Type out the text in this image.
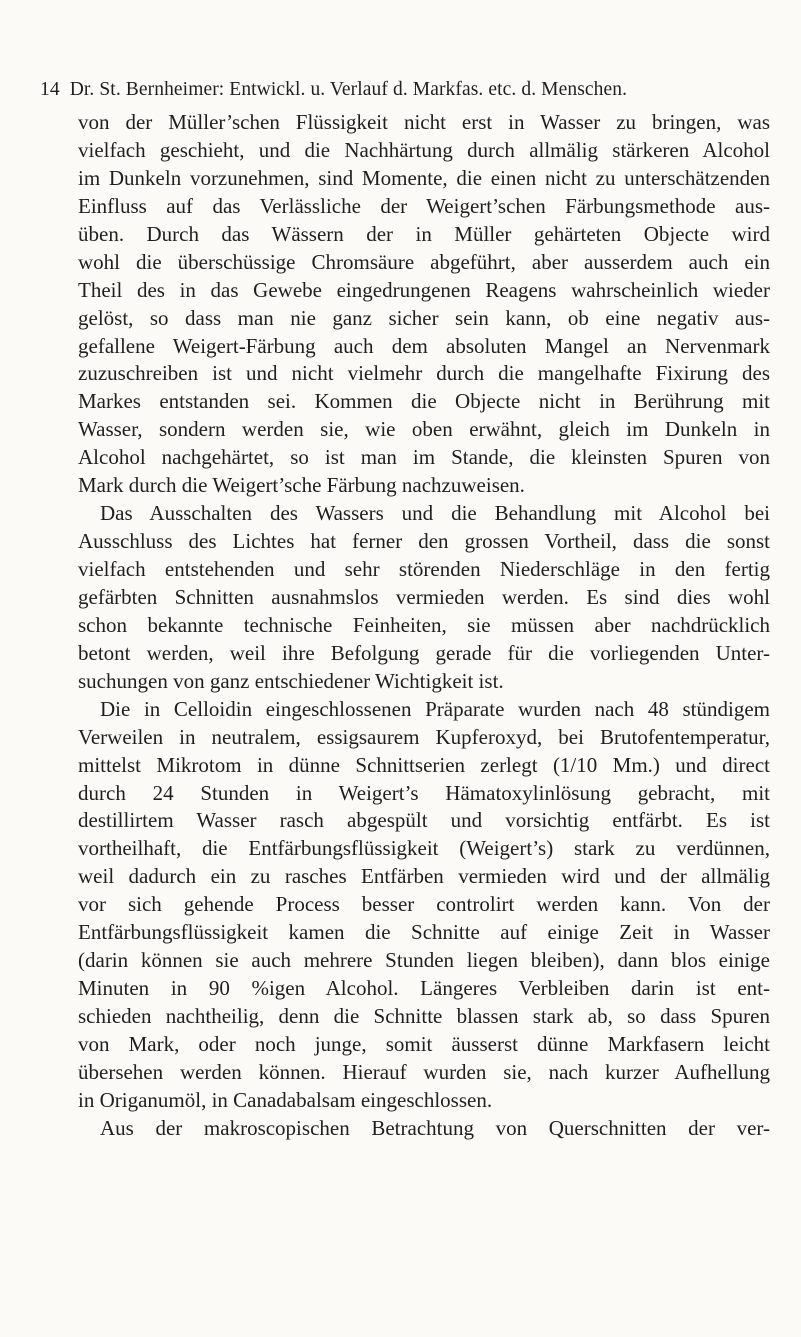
14 Dr. St. Bernheimer: Entwickl. u. Verlauf d. Markfas. etc. d. Menschen.
von der Müller’schen Flüssigkeit nicht erst in Wasser zu bringen, was
vielfach geschieht, und die Nachhärtung durch allmälig stärkeren Alcohol
im Dunkeln vorzunehmen, sind Momente, die einen nicht zu unterschätzenden
Einfluss auf das Verlässliche der Weigert’schen Färbungsmethode aus-
üben. Durch das Wässern der in Müller gehärteten Objecte wird
wohl die überschüssige Chromsäure abgeführt, aber ausserdem auch ein
Theil des in das Gewebe eingedrungenen Reagens wahrscheinlich wieder
gelöst, so dass man nie ganz sicher sein kann, ob eine negativ aus-
gefallene Weigert-Färbung auch dem absoluten Mangel an Nervenmark
zuzuschreiben ist und nicht vielmehr durch die mangelhafte Fixirung des
Markes entstanden sei. Kommen die Objecte nicht in Berührung mit
Wasser, sondern werden sie, wie oben erwähnt, gleich im Dunkeln in
Alcohol nachgehärtet, so ist man im Stande, die kleinsten Spuren von
Mark durch die Weigert’sche Färbung nachzuweisen.
Das Ausschalten des Wassers und die Behandlung mit Alcohol bei
Ausschluss des Lichtes hat ferner den grossen Vortheil, dass die sonst
vielfach entstehenden und sehr störenden Niederschläge in den fertig
gefärbten Schnitten ausnahmslos vermieden werden. Es sind dies wohl
schon bekannte technische Feinheiten, sie müssen aber nachdrücklich
betont werden, weil ihre Befolgung gerade für die vorliegenden Unter-
suchungen von ganz entschiedener Wichtigkeit ist.
Die in Celloidin eingeschlossenen Präparate wurden nach 48 stündigem
Verweilen in neutralem, essigsaurem Kupferoxyd, bei Brutofentemperatur,
mittelst Mikrotom in dünne Schnittserien zerlegt (1/10 Mm.) und direct
durch 24 Stunden in Weigert’s Hämatoxylinlösung gebracht, mit
destillirtem Wasser rasch abgespült und vorsichtig entfärbt. Es ist
vortheilhaft, die Entfärbungsflüssigkeit (Weigert’s) stark zu verdünnen,
weil dadurch ein zu rasches Entfärben vermieden wird und der allmälig
vor sich gehende Process besser controlirt werden kann. Von der
Entfärbungsflüssigkeit kamen die Schnitte auf einige Zeit in Wasser
(darin können sie auch mehrere Stunden liegen bleiben), dann blos einige
Minuten in 90 %igen Alcohol. Längeres Verbleiben darin ist ent-
schieden nachtheilig, denn die Schnitte blassen stark ab, so dass Spuren
von Mark, oder noch junge, somit äusserst dünne Markfasern leicht
übersehen werden können. Hierauf wurden sie, nach kurzer Aufhellung
in Origanumöl, in Canadabalsam eingeschlossen.
Aus der makroscopischen Betrachtung von Querschnitten der ver-
